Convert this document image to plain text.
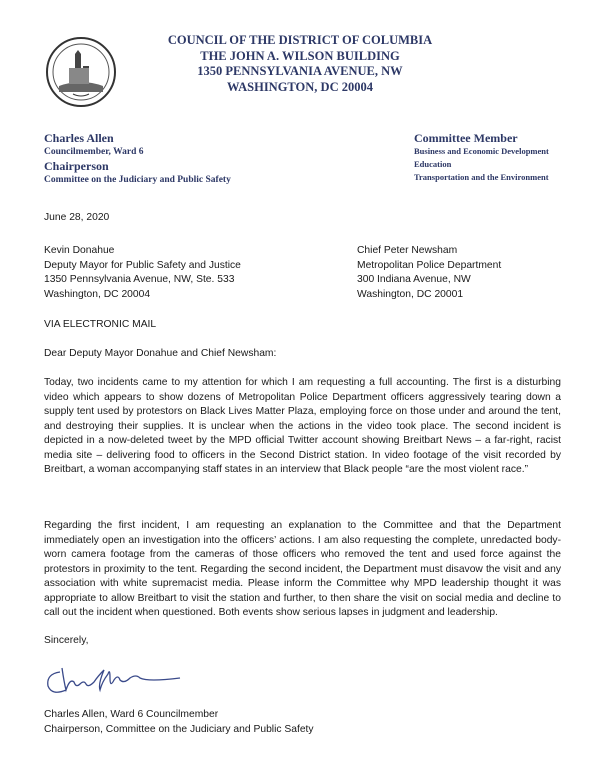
COUNCIL OF THE DISTRICT OF COLUMBIA
THE JOHN A. WILSON BUILDING
1350 PENNSYLVANIA AVENUE, NW
WASHINGTON, DC 20004
Charles Allen
Councilmember, Ward 6
Chairperson
Committee on the Judiciary and Public Safety
Committee Member
Business and Economic Development
Education
Transportation and the Environment
June 28, 2020
Kevin Donahue
Deputy Mayor for Public Safety and Justice
1350 Pennsylvania Avenue, NW, Ste. 533
Washington, DC 20004
Chief Peter Newsham
Metropolitan Police Department
300 Indiana Avenue, NW
Washington, DC 20001
VIA ELECTRONIC MAIL
Dear Deputy Mayor Donahue and Chief Newsham:
Today, two incidents came to my attention for which I am requesting a full accounting. The first is a disturbing video which appears to show dozens of Metropolitan Police Department officers aggressively tearing down a supply tent used by protestors on Black Lives Matter Plaza, employing force on those under and around the tent, and destroying their supplies. It is unclear when the actions in the video took place. The second incident is depicted in a now-deleted tweet by the MPD official Twitter account showing Breitbart News – a far-right, racist media site – delivering food to officers in the Second District station. In video footage of the visit recorded by Breitbart, a woman accompanying staff states in an interview that Black people “are the most violent race.”
Regarding the first incident, I am requesting an explanation to the Committee and that the Department immediately open an investigation into the officers’ actions. I am also requesting the complete, unredacted body-worn camera footage from the cameras of those officers who removed the tent and used force against the protestors in proximity to the tent. Regarding the second incident, the Department must disavow the visit and any association with white supremacist media. Please inform the Committee why MPD leadership thought it was appropriate to allow Breitbart to visit the station and further, to then share the visit on social media and decline to call out the incident when questioned. Both events show serious lapses in judgment and leadership.
Sincerely,
Charles Allen, Ward 6 Councilmember
Chairperson, Committee on the Judiciary and Public Safety
